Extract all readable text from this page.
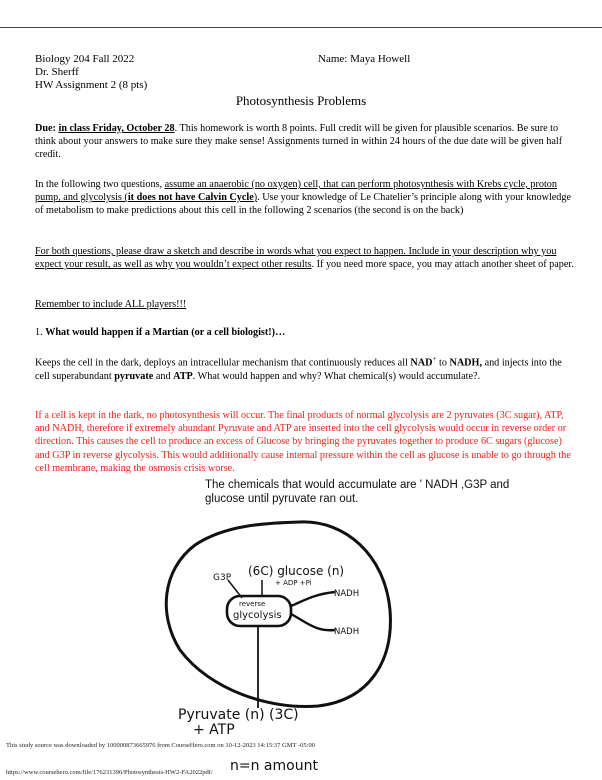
Biology 204 Fall 2022
Dr. Sherff
HW Assignment 2 (8 pts)
Name: Maya Howell
Photosynthesis Problems
Due: in class Friday, October 28. This homework is worth 8 points. Full credit will be given for plausible scenarios. Be sure to think about your answers to make sure they make sense! Assignments turned in within 24 hours of the due date will be given half credit.
In the following two questions, assume an anaerobic (no oxygen) cell, that can perform photosynthesis with Krebs cycle, proton pump, and glycolysis (it does not have Calvin Cycle). Use your knowledge of Le Chatelier’s principle along with your knowledge of metabolism to make predictions about this cell in the following 2 scenarios (the second is on the back)
For both questions, please draw a sketch and describe in words what you expect to happen. Include in your description why you expect your result, as well as why you wouldn’t expect other results. If you need more space, you may attach another sheet of paper.
Remember to include ALL players!!!
1. What would happen if a Martian (or a cell biologist!)…
Keeps the cell in the dark, deploys an intracellular mechanism that continuously reduces all NAD+ to NADH, and injects into the cell superabundant pyruvate and ATP. What would happen and why? What chemical(s) would accumulate?.
If a cell is kept in the dark, no photosynthesis will occur. The final products of normal glycolysis are 2 pyruvates (3C sugar), ATP, and NADH, therefore if extremely abundant Pyruvate and ATP are inserted into the cell glycolysis would occur in reverse order or direction. This causes the cell to produce an excess of Glucose by bringing the pyruvates together to produce 6C sugars (glucose) and G3P in reverse glycolysis. This would additionally cause internal pressure within the cell as glucose is unable to go through the cell membrane, making the osmosis crisis worse.
The chemicals that would accumulate are ' NADH ,G3P and
glucose until pyruvate ran out.
G3P (6C) glucose (n)
+ ADP +Pi
reverse
glycolysis
NADH
NADH
Pyruvate (n) (3C)
+ ATP
n=n amount
This study source was downloaded by 100000873665976 from CourseHero.com on 10-12-2023 14:15:37 GMT -05:00
https://www.coursehero.com/file/176231396/Photosynthesis-HW2-FA2022pdf/
